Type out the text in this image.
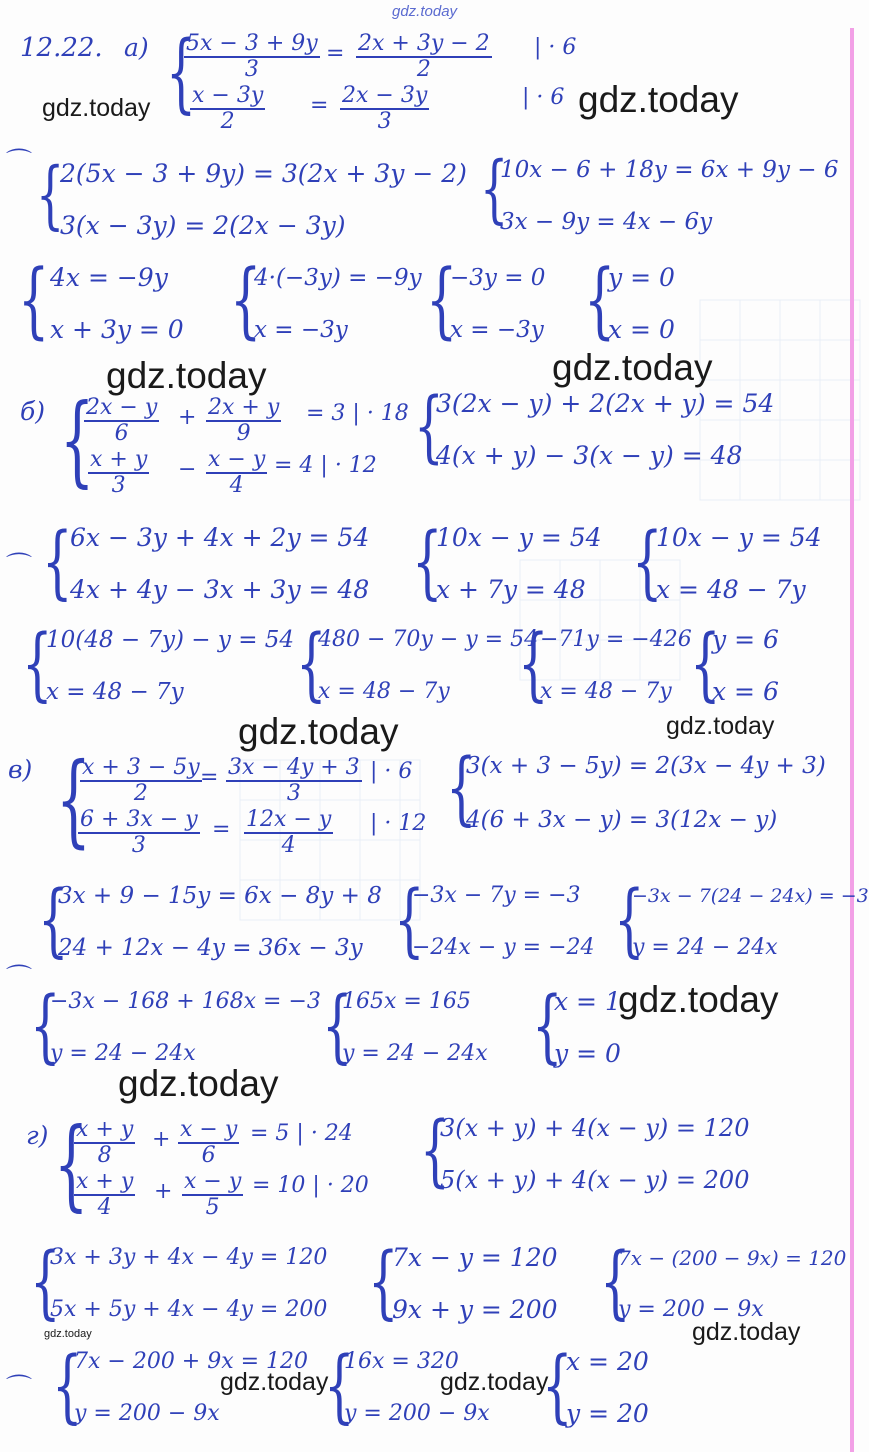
gdz.today
gdz.today	gdz.today
gdz.today	gdz.today
gdz.today	gdz.today
gdz.today
gdz.today
gdz.today
gdz.today
gdz.today	gdz.today
12.22. а) {
$\frac{5x - 3 + 9y}{3} = \frac{2x + 3y - 2}{2}$ | · 6
$\frac{x - 3y}{2} = \frac{2x - 3y}{3}$	| · 6
⌒ {
2(5x − 3 + 9y) = 3(2x + 3y − 2)
3(x − 3y) = 2(2x − 3y) {
10x − 6 + 18y = 6x + 9y − 6
3x − 9y = 4x − 6y
{ 4x = −9y
x + 3y = 0 {
4·(−3y) = −9y
x = −3y {
−3y = 0
x = −3y {
y = 0
x = 0
б) {
$\frac{2x - y}{6} + \frac{2x + y}{9} = 3$ | · 18
$\frac{x + y}{3} - \frac{x - y}{4} = 4$ | · 12 {
3(2x − y) + 2(2x + y) = 54
4(x + y) − 3(x − y) = 48
⌒ {
6x − 3y + 4x + 2y = 54
4x + 4y − 3x + 3y = 48 {
10x − y = 54
x + 7y = 48 {
10x − y = 54
x = 48 − 7y
{
10(48 − 7y) − y = 54
x = 48 − 7y {
480 − 70y − y = 54
x = 48 − 7y {
−71y = −426
x = 48 − 7y {
y = 6
x = 6
в) {
$\frac{x + 3 - 5y}{2}$
= $\frac{3x - 4y + 3}{3}$ | · 6
$\frac{6 + 3x - y}{3} = \frac{12x - y}{4}$ | · 12 {
3(x + 3 − 5y) = 2(3x − 4y + 3)
4(6 + 3x − y) = 3(12x − y)
{
3x + 9 − 15y = 6x − 8y + 8
24 + 12x − 4y = 36x − 3y {
−3x − 7y = −3
−24x − y = −24 {
−3x − 7(24 − 24x) = −3
y = 24 − 24x
⌒
{
−3x − 168 + 168x = −3
y = 24 − 24x {
165x = 165
y = 24 − 24x {
x = 1
y = 0
г) {
$\frac{x + y}{8} + \frac{x - y}{6} = 5$ | · 24
$\frac{x + y}{4} + \frac{x - y}{5} = 10$ | · 20 {
3(x + y) + 4(x − y) = 120
5(x + y) + 4(x − y) = 200
{
3x + 3y + 4x − 4y = 120
5x + 5y + 4x − 4y = 200 {
7x − y = 120
9x + y = 200 {
7x − (200 − 9x) = 120
y = 200 − 9x
⌒ {
7x − 200 + 9x = 120
y = 200 − 9x {
16x = 320
y = 200 − 9x {
x = 20
y = 20
